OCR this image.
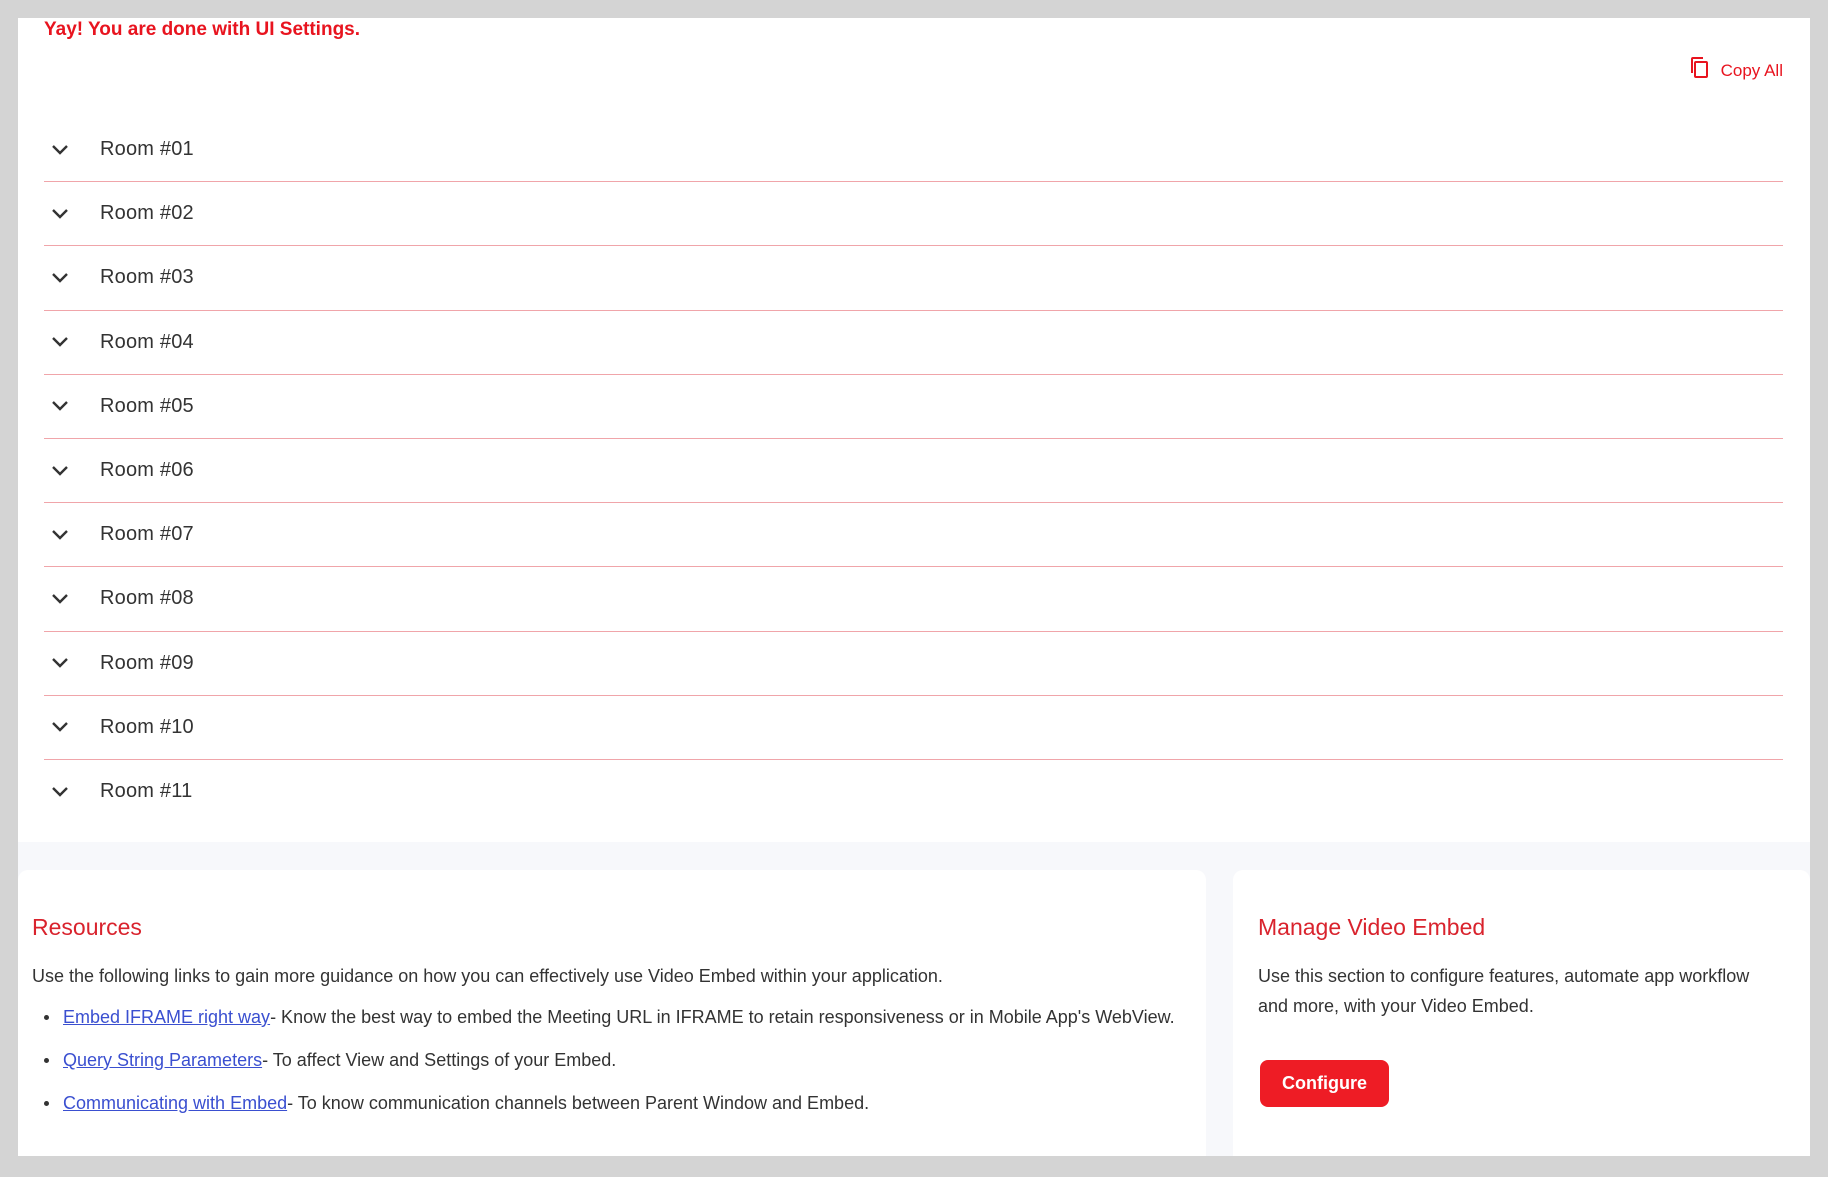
Yay! You are done with UI Settings.
Copy All
Room #01
Room #02
Room #03
Room #04
Room #05
Room #06
Room #07
Room #08
Room #09
Room #10
Room #11
Resources

Use the following links to gain more guidance on how you can effectively use Video Embed within your application.

Embed IFRAME right way- Know the best way to embed the Meeting URL in IFRAME to retain responsiveness or in Mobile App's WebView.
Query String Parameters- To affect View and Settings of your Embed.
Communicating with Embed- To know communication channels between Parent Window and Embed.
Manage Video Embed

Use this section to configure features, automate app workflow and more, with your Video Embed.

Configure
